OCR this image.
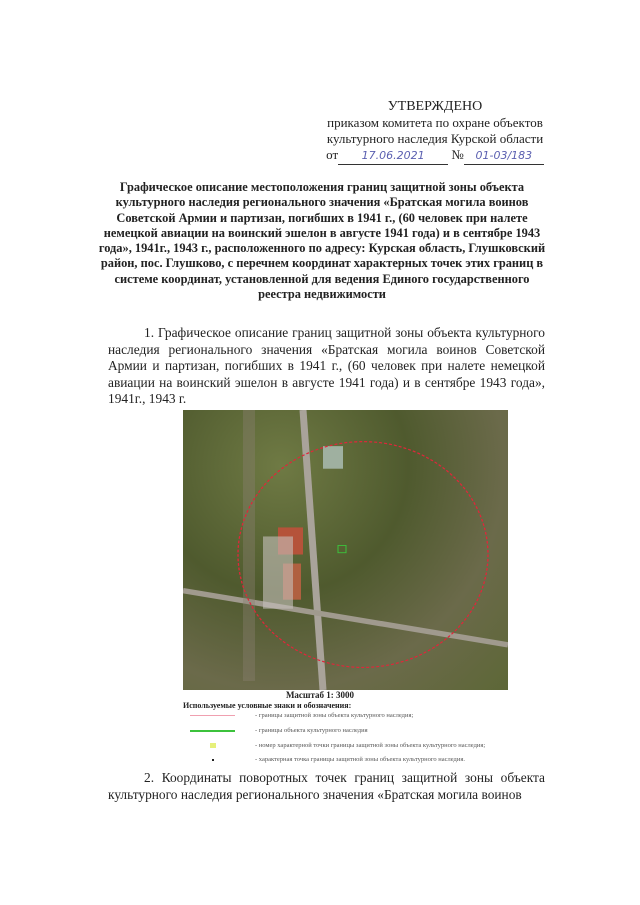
УТВЕРЖДЕНО
приказом комитета по охране объектов
культурного наследия Курской области
от 17.06.2021 № 01-03/183
Графическое описание местоположения границ защитной зоны объекта культурного наследия регионального значения «Братская могила воинов Советской Армии и партизан, погибших в 1941 г., (60 человек при налете немецкой авиации на воинский эшелон в августе 1941 года) и в сентябре 1943 года», 1941г., 1943 г., расположенного по адресу: Курская область, Глушковский район, пос. Глушково, с перечнем координат характерных точек этих границ в системе координат, установленной для ведения Единого государственного реестра недвижимости
1. Графическое описание границ защитной зоны объекта культурного наследия регионального значения «Братская могила воинов Советской Армии и партизан, погибших в 1941 г., (60 человек при налете немецкой авиации на воинский эшелон в августе 1941 года) и в сентябре 1943 года», 1941г., 1943 г.
Масштаб 1: 3000
Используемые условные знаки и обозначения:
- границы защитной зоны объекта культурного наследия;
- границы объекта культурного наследия
- номер характерной точки границы защитной зоны объекта культурного наследия;
- характерная точка границы защитной зоны объекта культурного наследия.
2. Координаты поворотных точек границ защитной зоны объекта культурного наследия регионального значения «Братская могила воинов
